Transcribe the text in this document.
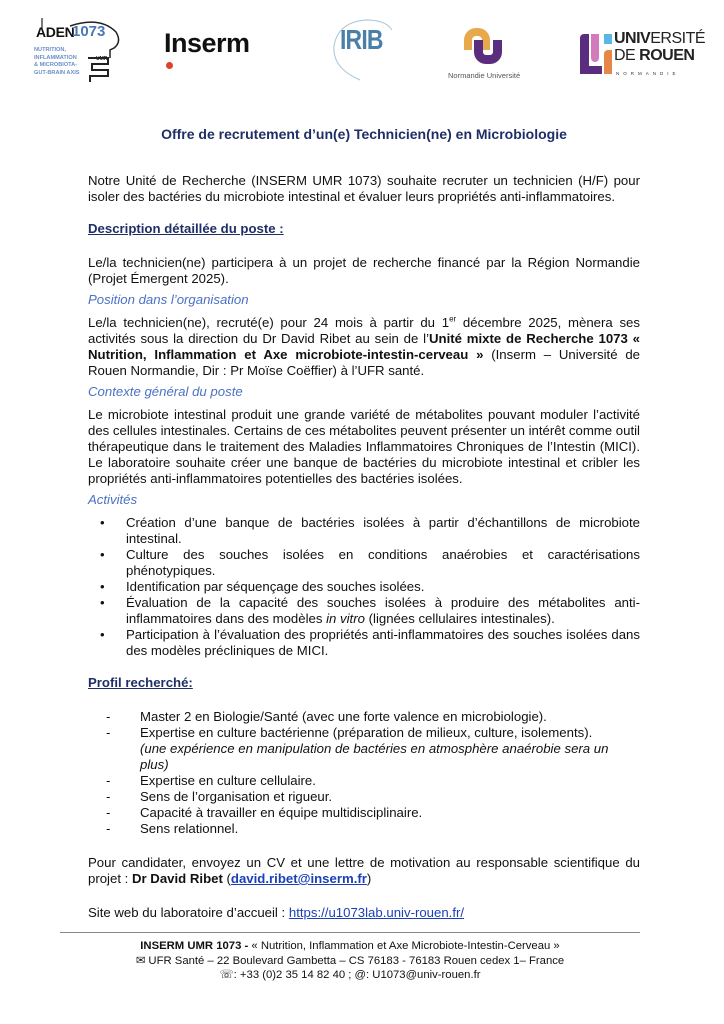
ADEN
1073
UMR
NUTRITION,
INFLAMMATION
& MICROBIOTA-
GUT-BRAIN AXIS
Inserm	IRIB
Normandie Université
UNIVERSITÉ
DE ROUEN
NORMANDIE
Offre de recrutement d’un(e) Technicien(ne) en Microbiologie

Notre Unité de Recherche (INSERM UMR 1073) souhaite recruter un technicien (H/F) pour isoler des bactéries du microbiote intestinal et évaluer leurs propriétés anti-inflammatoires.

Description détaillée du poste :

Le/la technicien(ne) participera à un projet de recherche financé par la Région Normandie (Projet Émergent 2025).

Position dans l’organisation

Le/la technicien(ne), recruté(e) pour 24 mois à partir du 1er décembre 2025, mènera ses activités sous la direction du Dr David Ribet au sein de l’Unité mixte de Recherche 1073 « Nutrition, Inflammation et Axe microbiote-intestin-cerveau » (Inserm – Université de Rouen Normandie, Dir : Pr Moïse Coëffier) à l’UFR santé.

Contexte général du poste

Le microbiote intestinal produit une grande variété de métabolites pouvant moduler l’activité des cellules intestinales. Certains de ces métabolites peuvent présenter un intérêt comme outil thérapeutique dans le traitement des Maladies Inflammatoires Chroniques de l’Intestin (MICI). Le laboratoire souhaite créer une banque de bactéries du microbiote intestinal et cribler les propriétés anti-inflammatoires potentielles des bactéries isolées.

Activités
• Création d’une banque de bactéries isolées à partir d’échantillons de microbiote intestinal.
• Culture des souches isolées en conditions anaérobies et caractérisations phénotypiques.
• Identification par séquençage des souches isolées.
• Évaluation de la capacité des souches isolées à produire des métabolites anti-inflammatoires dans des modèles in vitro (lignées cellulaires intestinales).
• Participation à l’évaluation des propriétés anti-inflammatoires des souches isolées dans des modèles précliniques de MICI.
Profil recherché:
- Master 2 en Biologie/Santé (avec une forte valence en microbiologie).
- Expertise en culture bactérienne (préparation de milieux, culture, isolements).
(une expérience en manipulation de bactéries en atmosphère anaérobie sera un plus)
- Expertise en culture cellulaire.
- Sens de l’organisation et rigueur.
- Capacité à travailler en équipe multidisciplinaire.
- Sens relationnel.

Pour candidater, envoyez un CV et une lettre de motivation au responsable scientifique du projet : Dr David Ribet (david.ribet@inserm.fr)

Site web du laboratoire d’accueil : https://u1073lab.univ-rouen.fr/

INSERM UMR 1073 - « Nutrition, Inflammation et Axe Microbiote-Intestin-Cerveau »
✉ UFR Santé – 22 Boulevard Gambetta – CS 76183 - 76183 Rouen cedex 1– France
☏: +33 (0)2 35 14 82 40 ; @: U1073@univ-rouen.fr
